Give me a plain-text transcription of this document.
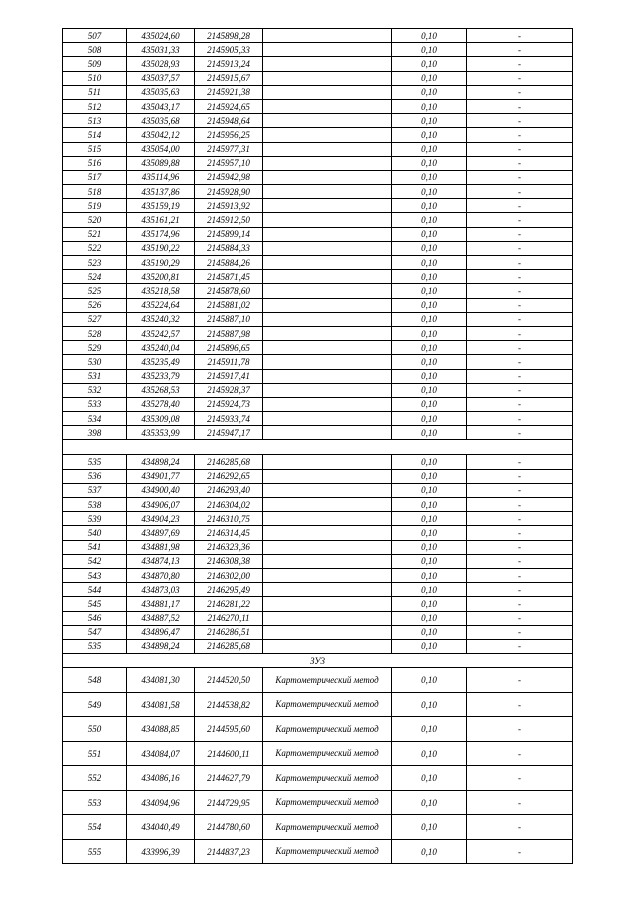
507	435024,60	2145898,28		0,10	-
508	435031,33	2145905,33		0,10	-
509	435028,93	2145913,24		0,10	-
510	435037,57	2145915,67		0,10	-
511	435035,63	2145921,38		0,10	-
512	435043,17	2145924,65		0,10	-
513	435035,68	2145948,64		0,10	-
514	435042,12	2145956,25		0,10	-
515	435054,00	2145977,31		0,10	-
516	435089,88	2145957,10		0,10	-
517	435114,96	2145942,98		0,10	-
518	435137,86	2145928,90		0,10	-
519	435159,19	2145913,92		0,10	-
520	435161,21	2145912,50		0,10	-
521	435174,96	2145899,14		0,10	-
522	435190,22	2145884,33		0,10	-
523	435190,29	2145884,26		0,10	-
524	435200,81	2145871,45		0,10	-
525	435218,58	2145878,60		0,10	-
526	435224,64	2145881,02		0,10	-
527	435240,32	2145887,10		0,10	-
528	435242,57	2145887,98		0,10	-
529	435240,04	2145896,65		0,10	-
530	435235,49	2145911,78		0,10	-
531	435233,79	2145917,41		0,10	-
532	435268,53	2145928,37		0,10	-
533	435278,40	2145924,73		0,10	-
534	435309,08	2145933,74		0,10	-
398	435353,99	2145947,17		0,10	-

535	434898,24	2146285,68		0,10	-
536	434901,77	2146292,65		0,10	-
537	434900,40	2146293,40		0,10	-
538	434906,07	2146304,02		0,10	-
539	434904,23	2146310,75		0,10	-
540	434897,69	2146314,45		0,10	-
541	434881,98	2146323,36		0,10	-
542	434874,13	2146308,38		0,10	-
543	434870,80	2146302,00		0,10	-
544	434873,03	2146295,49		0,10	-
545	434881,17	2146281,22		0,10	-
546	434887,52	2146270,11		0,10	-
547	434896,47	2146286,51		0,10	-
535	434898,24	2146285,68		0,10	-
ЗУ3					
548	434081,30	2144520,50	Картометрический метод	0,10	-
549	434081,58	2144538,82	Картометрический метод	0,10	-
550	434088,85	2144595,60	Картометрический метод	0,10	-
551	434084,07	2144600,11	Картометрический метод	0,10	-
552	434086,16	2144627,79	Картометрический метод	0,10	-
553	434094,96	2144729,95	Картометрический метод	0,10	-
554	434040,49	2144780,60	Картометрический метод	0,10	-
555	433996,39	2144837,23	Картометрический метод	0,10	-
